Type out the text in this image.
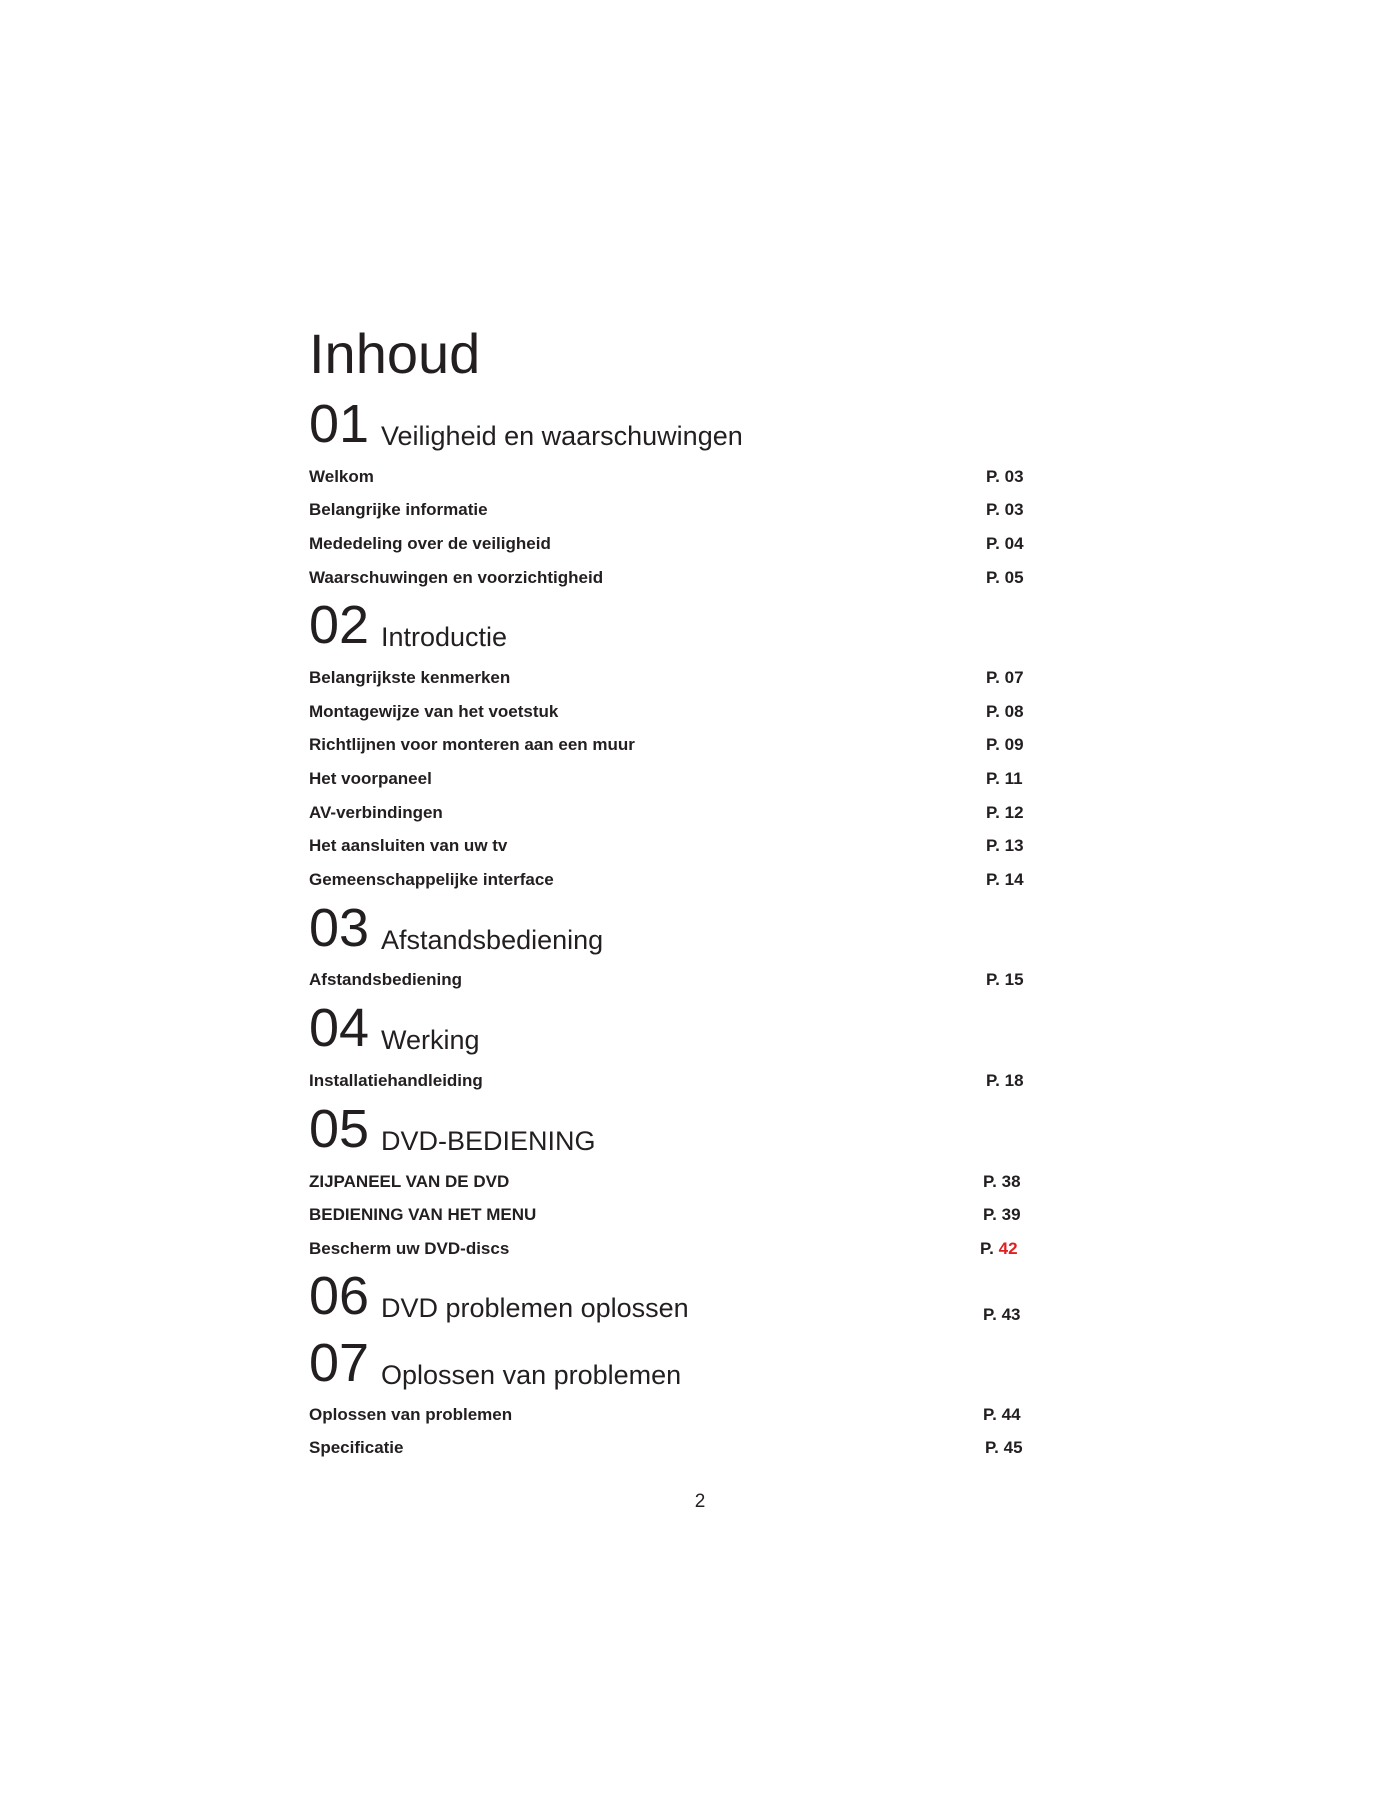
Inhoud
01 Veiligheid en waarschuwingen
Welkom	P. 03
Belangrijke informatie	P. 03
Mededeling over de veiligheid	P. 04
Waarschuwingen en voorzichtigheid	P. 05
02 Introductie
Belangrijkste kenmerken	P. 07
Montagewijze van het voetstuk	P. 08
Richtlijnen voor monteren aan een muur	P. 09
Het voorpaneel	P. 11
AV-verbindingen	P. 12
Het aansluiten van uw tv	P. 13
Gemeenschappelijke interface	P. 14
03 Afstandsbediening
Afstandsbediening	P. 15
04 Werking
Installatiehandleiding	P. 18
05 DVD-BEDIENING
ZIJPANEEL VAN DE DVD	P. 38
BEDIENING VAN HET MENU	P. 39
Bescherm uw DVD-discs	P. 42
06 DVD problemen oplossen	P. 43
07 Oplossen van problemen
Oplossen van problemen	P. 44
Specificatie	P. 45
2
